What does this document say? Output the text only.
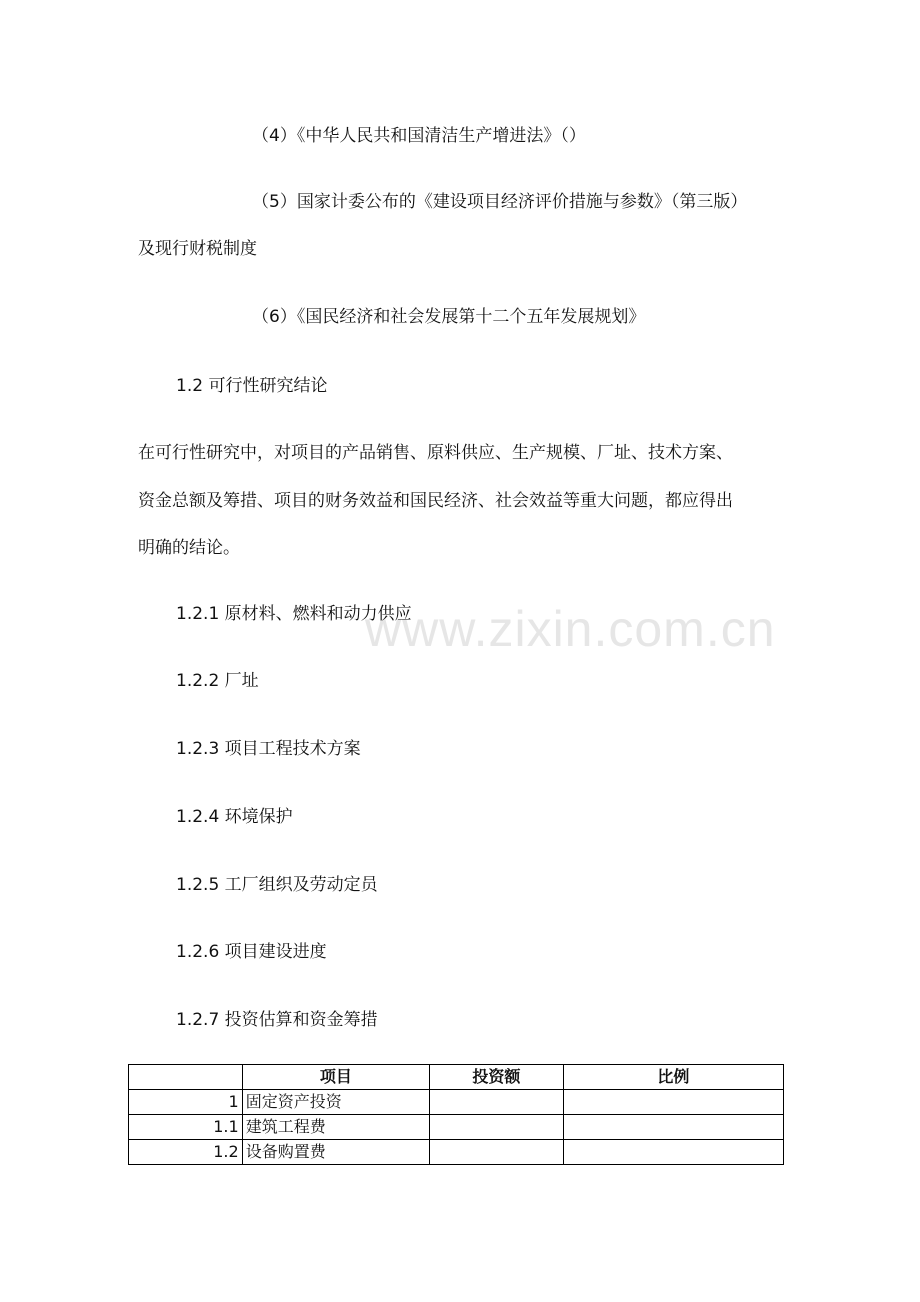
www.zixin.com.cn
（4）《中华人民共和国清洁生产增进法》（）
（5）国家计委公布的《建设项目经济评价措施与参数》（第三版）
及现行财税制度
（6）《国民经济和社会发展第十二个五年发展规划》
1.2 可行性研究结论
在可行性研究中，对项目的产品销售、原料供应、生产规模、厂址、技术方案、
资金总额及筹措、项目的财务效益和国民经济、社会效益等重大问题，都应得出
明确的结论。
1.2.1 原材料、燃料和动力供应
1.2.2 厂址
1.2.3 项目工程技术方案
1.2.4 环境保护
1.2.5 工厂组织及劳动定员
1.2.6 项目建设进度
1.2.7 投资估算和资金筹措
	项目	投资额	比例
1	固定资产投资		
1.1	建筑工程费		
1.2	设备购置费		
